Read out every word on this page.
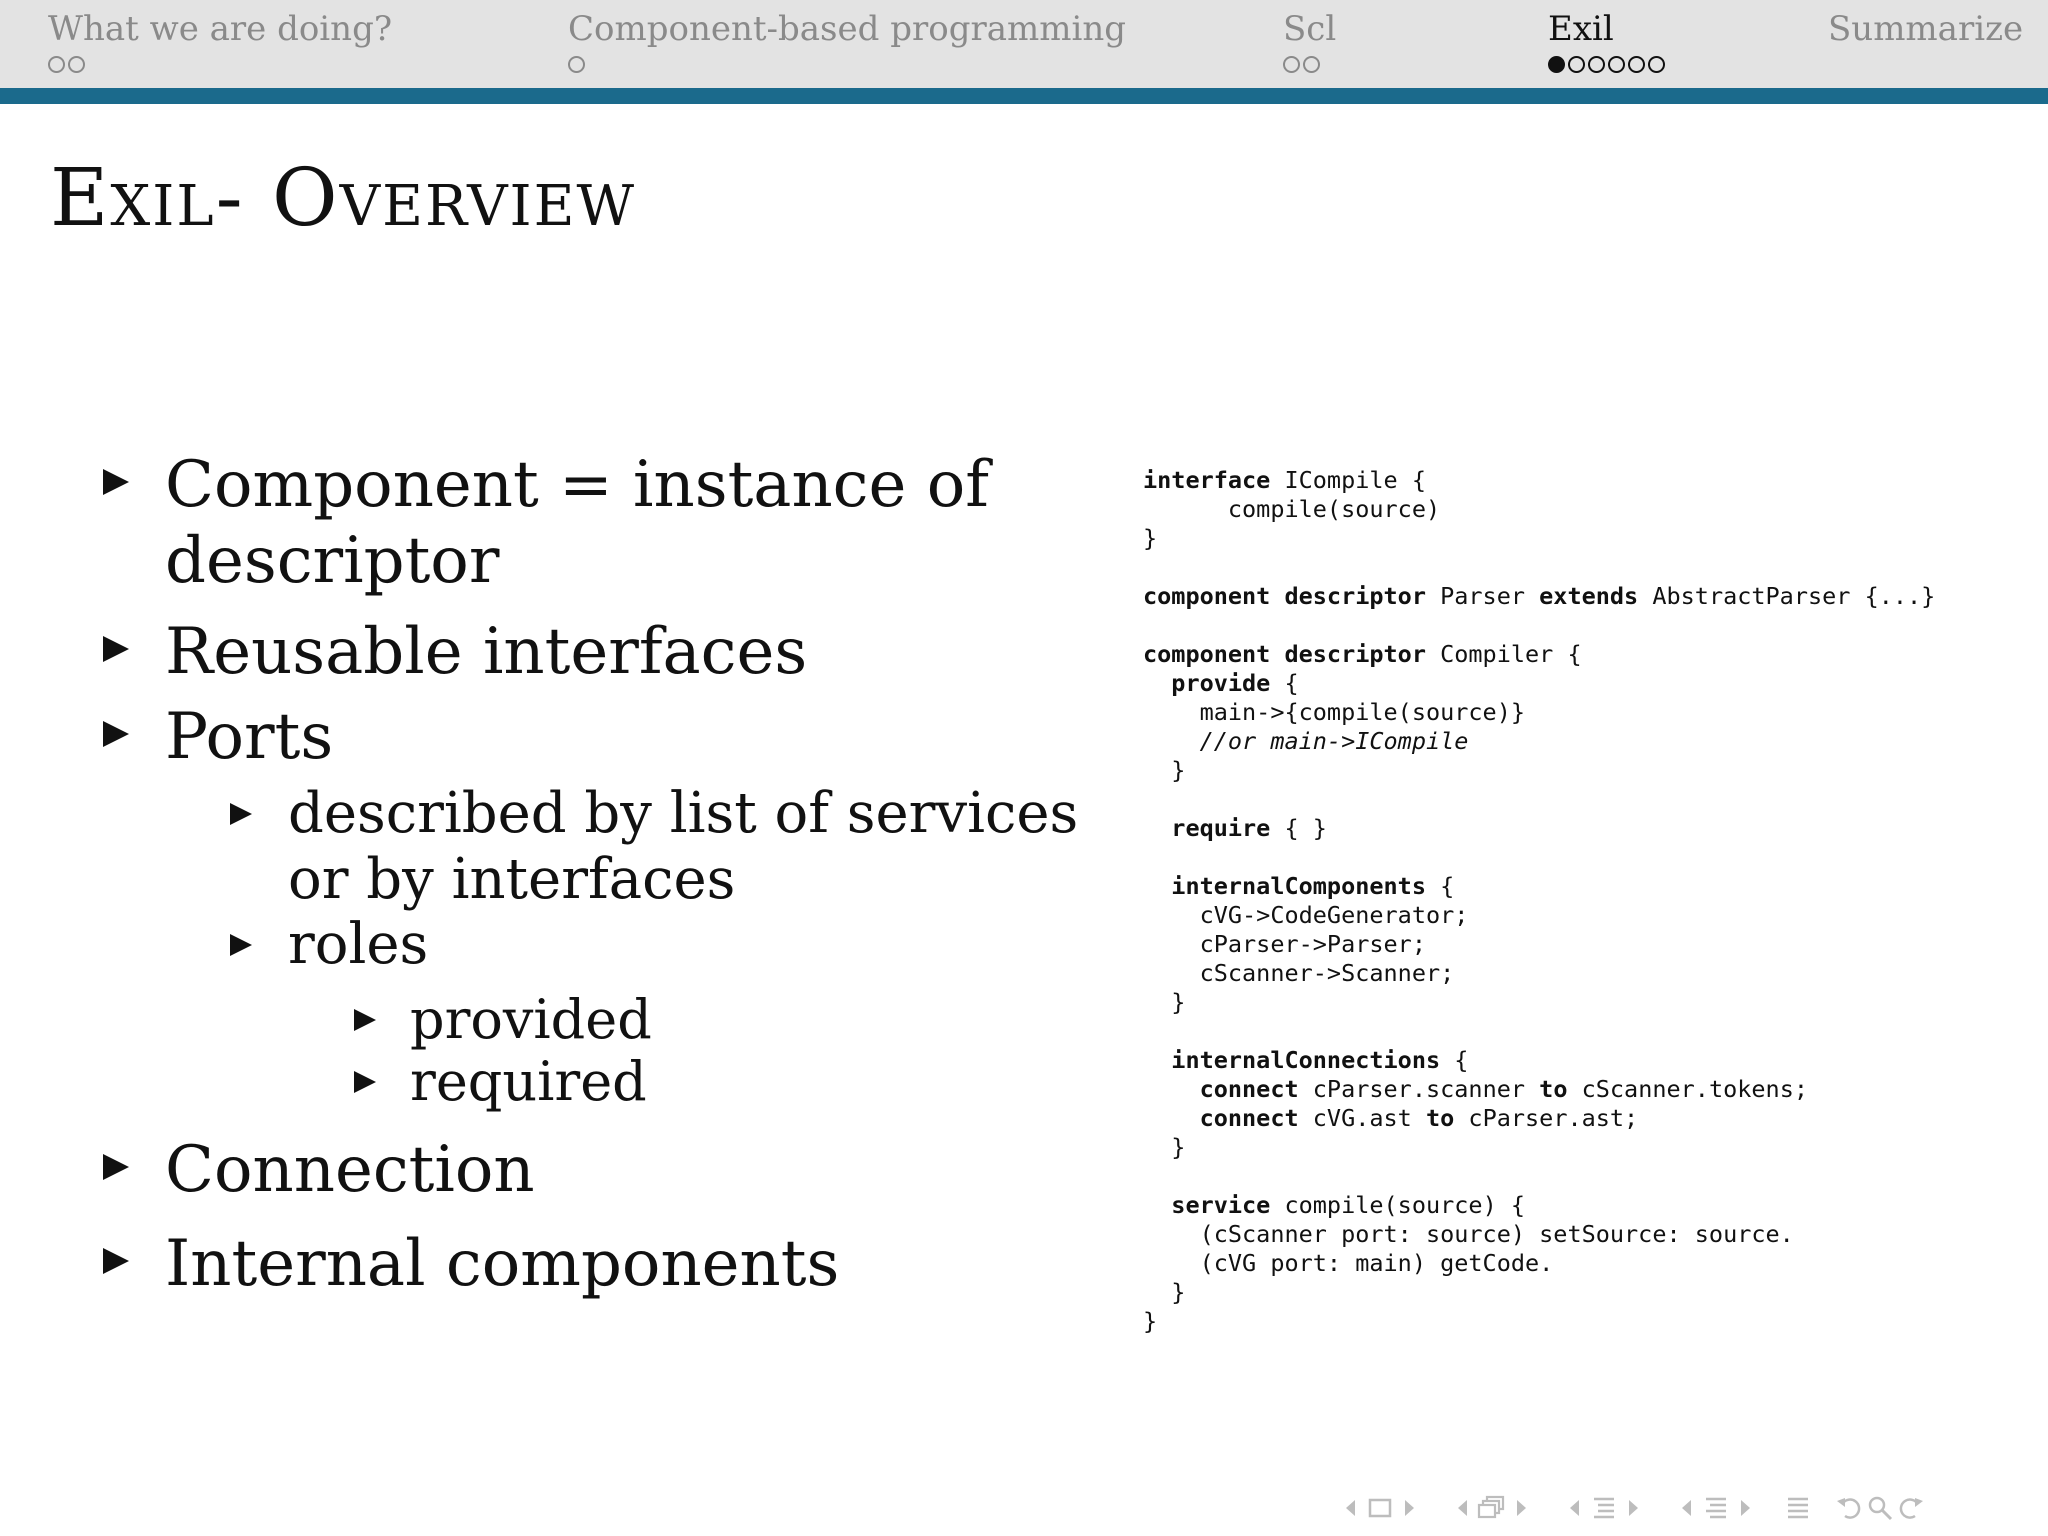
What we are doing?	Component-based programming	Scl	Exil	Summarize
Exil- Overview
Component = instance of
descriptor
Reusable interfaces
Ports
described by list of services
or by interfaces
roles
provided
required
Connection
Internal components
interface ICompile {
compile(source)
}
component descriptor Parser extends AbstractParser {...}
component descriptor Compiler {
provide {
main->{compile(source)}
//or main->ICompile
}
require { }
internalComponents {
cVG->CodeGenerator;
cParser->Parser;
cScanner->Scanner;
}
internalConnections {
connect cParser.scanner to cScanner.tokens;
connect cVG.ast to cParser.ast;
}
service compile(source) {
(cScanner port: source) setSource: source.
(cVG port: main) getCode.
}
}
